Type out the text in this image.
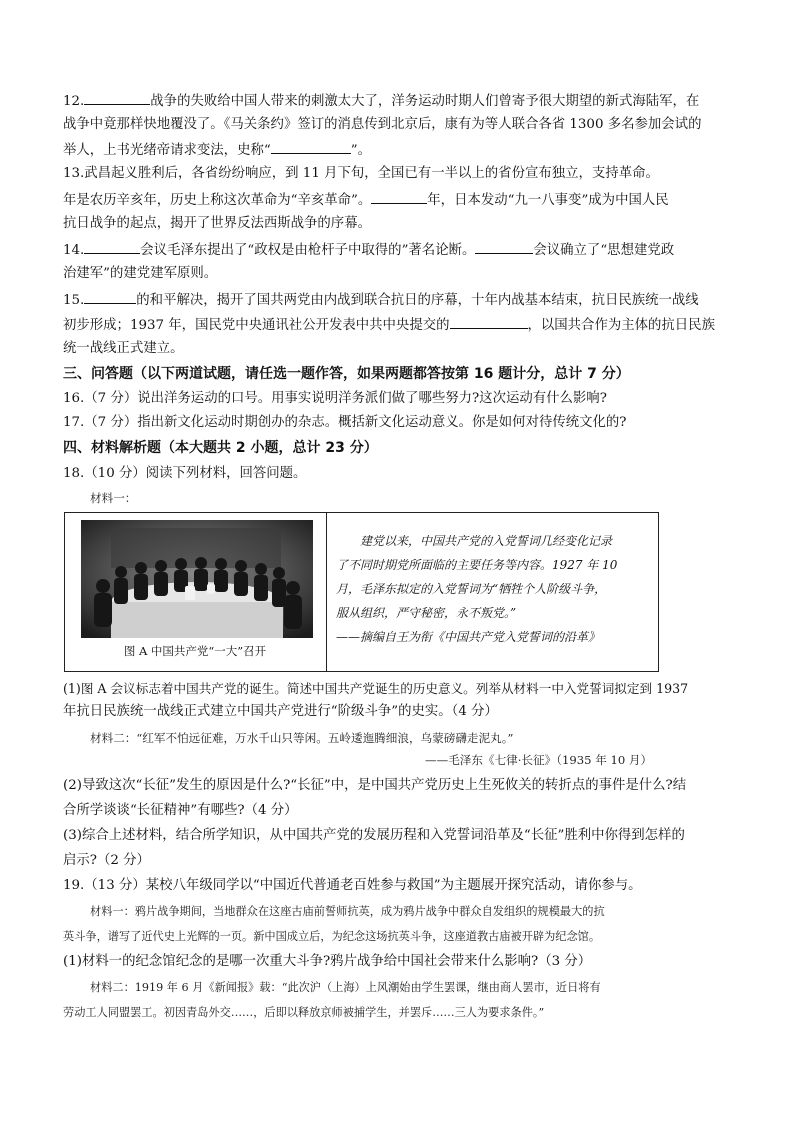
12.	战争的失败给中国人带来的刺激太大了，洋务运动时期人们曾寄予很大期望的新式海陆军，在
战争中竟那样快地覆没了。《马关条约》签订的消息传到北京后，康有为等人联合各省 1300 多名参加会试的
举人，上书光绪帝请求变法，史称“	”。
13.武昌起义胜利后，各省纷纷响应，到 11 月下旬，全国已有一半以上的省份宣布独立，支持革命。
年是农历辛亥年，历史上称这次革命为“辛亥革命”。	年，日本发动“九一八事变”成为中国人民
抗日战争的起点，揭开了世界反法西斯战争的序幕。
14.	会议毛泽东提出了“政权是由枪杆子中取得的”著名论断。	会议确立了“思想建党政
治建军”的建党建军原则。
15.	的和平解决，揭开了国共两党由内战到联合抗日的序幕，十年内战基本结束，抗日民族统一战线
初步形成；1937 年，国民党中央通讯社公开发表中共中央提交的	，以国共合作为主体的抗日民族
统一战线正式建立。
三、问答题（以下两道试题，请任选一题作答，如果两题都答按第 16 题计分，总计 7 分）
16.（7 分）说出洋务运动的口号。用事实说明洋务派们做了哪些努力?这次运动有什么影响?
17.（7 分）指出新文化运动时期创办的杂志。概括新文化运动意义。你是如何对待传统文化的?
四、材料解析题（本大题共 2 小题，总计 23 分）
18.（10 分）阅读下列材料，回答问题。
材料一：
图 A 中国共产党“一大”召开
建党以来，中国共产党的入党誓词几经变化记录
了不同时期党所面临的主要任务等内容。1927 年 10
月，毛泽东拟定的入党誓词为“牺牲个人阶级斗争，
服从组织，严守秘密，永不叛党。”
——摘编自王为衔《中国共产党入党誓词的沿革》
(1)图 A 会议标志着中国共产党的诞生。简述中国共产党诞生的历史意义。列举从材料一中入党誓词拟定到 1937
年抗日民族统一战线正式建立中国共产党进行“阶级斗争”的史实。（4 分）
材料二：“红军不怕远征难，万水千山只等闲。五岭逶迤腾细浪，乌蒙磅礴走泥丸。”
——毛泽东《七律·长征》（1935 年 10 月）
(2)导致这次“长征”发生的原因是什么?“长征”中，是中国共产党历史上生死攸关的转折点的事件是什么?结
合所学谈谈“长征精神”有哪些?（4 分）
(3)综合上述材料，结合所学知识，从中国共产党的发展历程和入党誓词沿革及“长征”胜利中你得到怎样的
启示?（2 分）
19.（13 分）某校八年级同学以“中国近代普通老百姓参与救国”为主题展开探究活动，请你参与。
材料一：鸦片战争期间，当地群众在这座古庙前誓师抗英，成为鸦片战争中群众自发组织的规模最大的抗
英斗争，谱写了近代史上光辉的一页。新中国成立后，为纪念这场抗英斗争，这座道教古庙被开辟为纪念馆。
(1)材料一的纪念馆纪念的是哪一次重大斗争?鸦片战争给中国社会带来什么影响?（3 分）
材料二：1919 年 6 月《新闻报》载：“此次沪（上海）上风潮始由学生罢课，继由商人罢市，近日将有
劳动工人同盟罢工。初因青岛外交……，后即以释放京师被捕学生，并罢斥……三人为要求条件。”
